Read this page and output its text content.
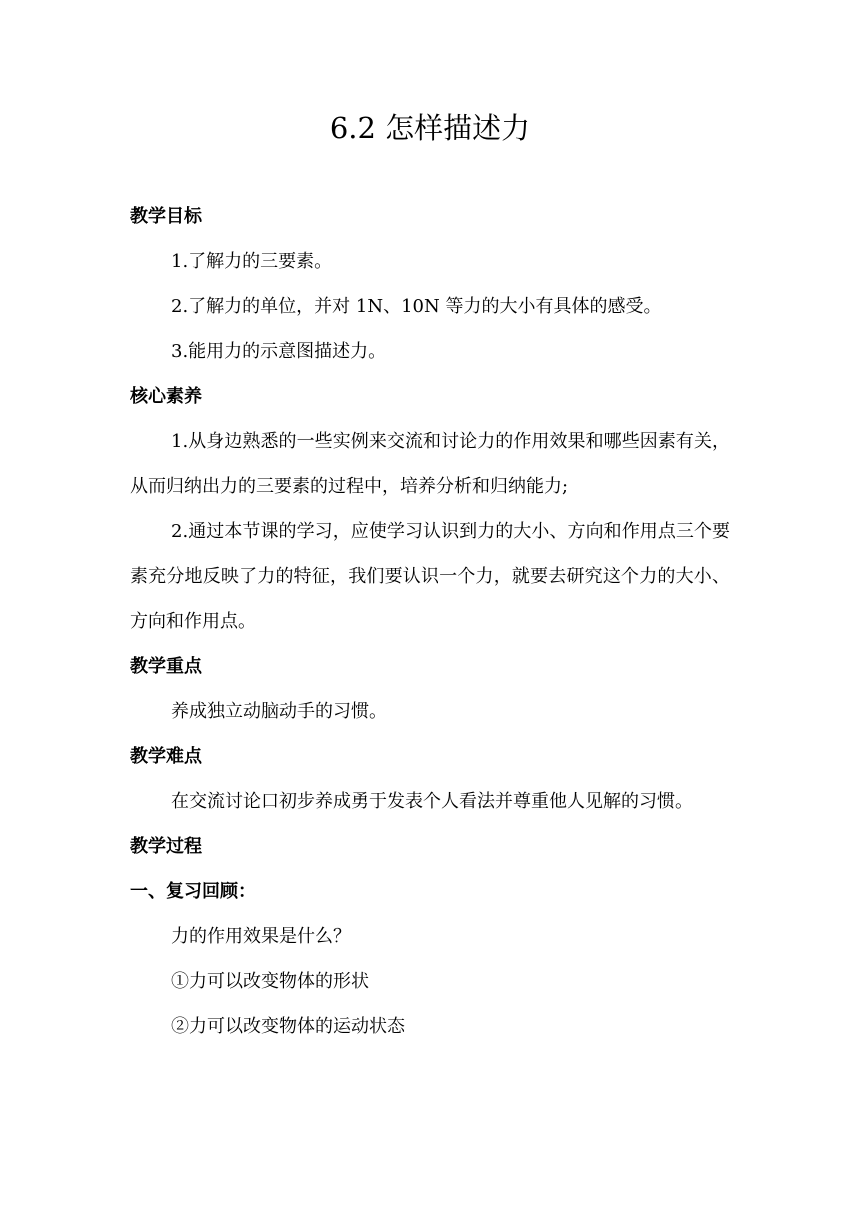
6.2 怎样描述力
教学目标
1.了解力的三要素。
2.了解力的单位，并对 1N、10N 等力的大小有具体的感受。
3.能用力的示意图描述力。
核心素养
1.从身边熟悉的一些实例来交流和讨论力的作用效果和哪些因素有关，从而归纳出力的三要素的过程中，培养分析和归纳能力;
2.通过本节课的学习，应使学习认识到力的大小、方向和作用点三个要素充分地反映了力的特征，我们要认识一个力，就要去研究这个力的大小、方向和作用点。
教学重点
养成独立动脑动手的习惯。
教学难点
在交流讨论口初步养成勇于发表个人看法并尊重他人见解的习惯。
教学过程
一、复习回顾：
力的作用效果是什么？
①力可以改变物体的形状
②力可以改变物体的运动状态
